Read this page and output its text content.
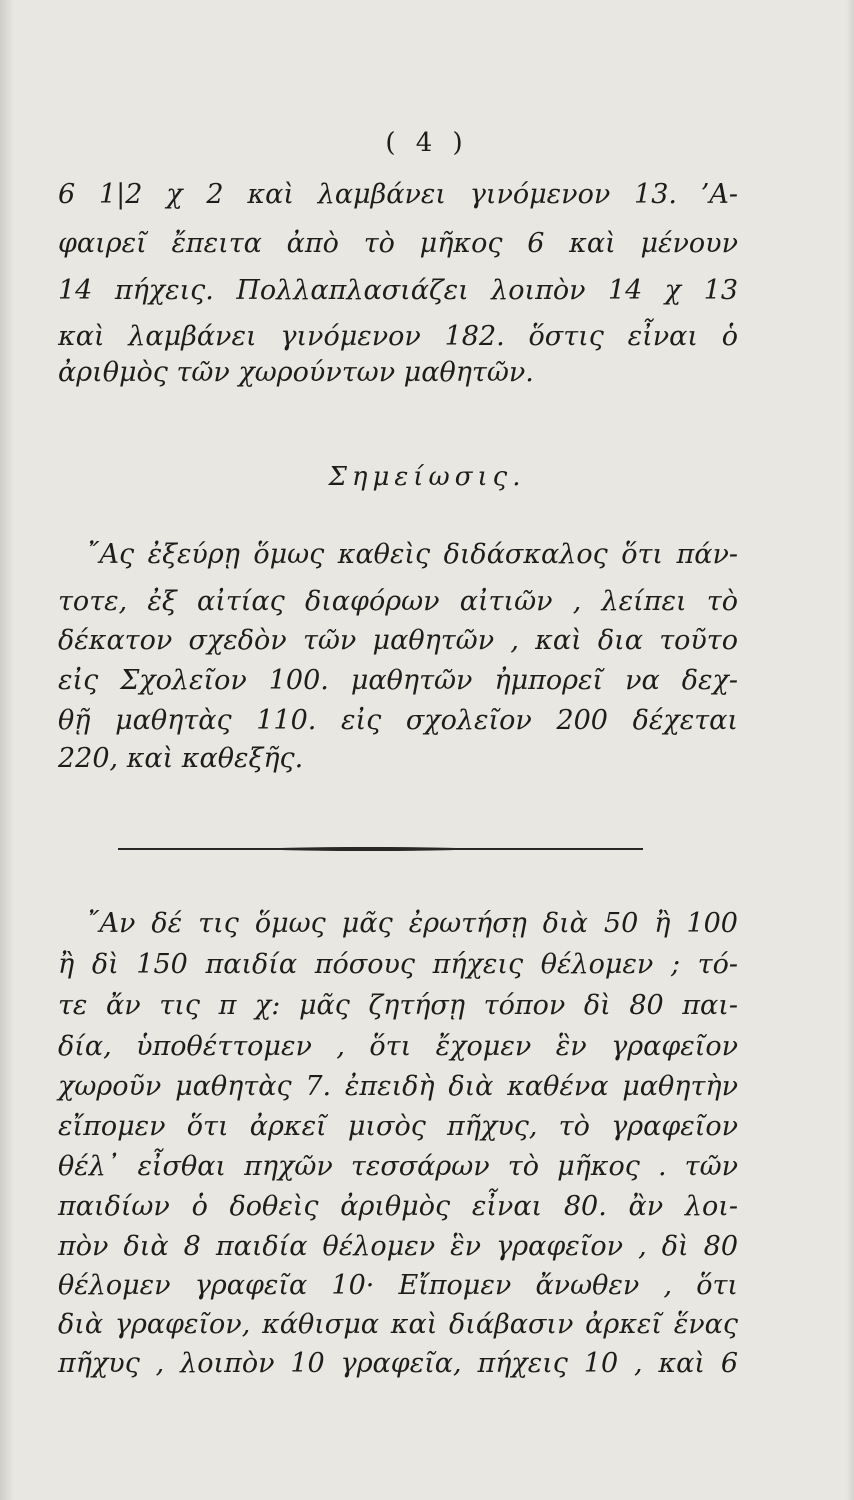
( 4 )
6 1|2 χ 2 καὶ λαμβάνει γινόμενον 13. ’Α-
φαιρεῖ ἔπειτα ἀπὸ τὸ μῆκος 6 καὶ μένουν
14 πήχεις. Πολλαπλασιάζει λοιπὸν 14 χ 13
καὶ λαμβάνει γινόμενον 182. ὅστις εἶναι ὁ
ἀριθμὸς τῶν χωρούντων μαθητῶν.
Σημείωσις.
῎Ας ἐξεύρῃ ὅμως καθεὶς διδάσκαλος ὅτι πάν-
τοτε, ἐξ αἰτίας διαφόρων αἰτιῶν , λείπει τὸ
δέκατον σχεδὸν τῶν μαθητῶν , καὶ δια τοῦτο
εἰς Σχολεῖον 100. μαθητῶν ἠμπορεῖ να δεχ-
θῇ μαθητὰς 110. εἰς σχολεῖον 200 δέχεται
220, καὶ καθεξῆς.
῎Αν δέ τις ὅμως μᾶς ἐρωτήσῃ διὰ 50 ἢ 100
ἢ δὶ 150 παιδία πόσους πήχεις θέλομεν ; τό-
τε ἄν τις π χ: μᾶς ζητήσῃ τόπον δὶ 80 παι-
δία, ὑποθέττομεν , ὅτι ἔχομεν ἓν γραφεῖον
χωροῦν μαθητὰς 7. ἐπειδὴ διὰ καθένα μαθητὴν
εἴπομεν ὅτι ἀρκεῖ μισὸς πῆχυς, τὸ γραφεῖον
θέλ᾽ εἶσθαι πηχῶν τεσσάρων τὸ μῆκος . τῶν
παιδίων ὁ δοθεὶς ἀριθμὸς εἶναι 80. ἂν λοι-
πὸν διὰ 8 παιδία θέλομεν ἓν γραφεῖον , δὶ 80
θέλομεν γραφεῖα 10· Εἴπομεν ἄνωθεν , ὅτι
διὰ γραφεῖον, κάθισμα καὶ διάβασιν ἀρκεῖ ἕνας
πῆχυς , λοιπὸν 10 γραφεῖα, πήχεις 10 , καὶ 6
